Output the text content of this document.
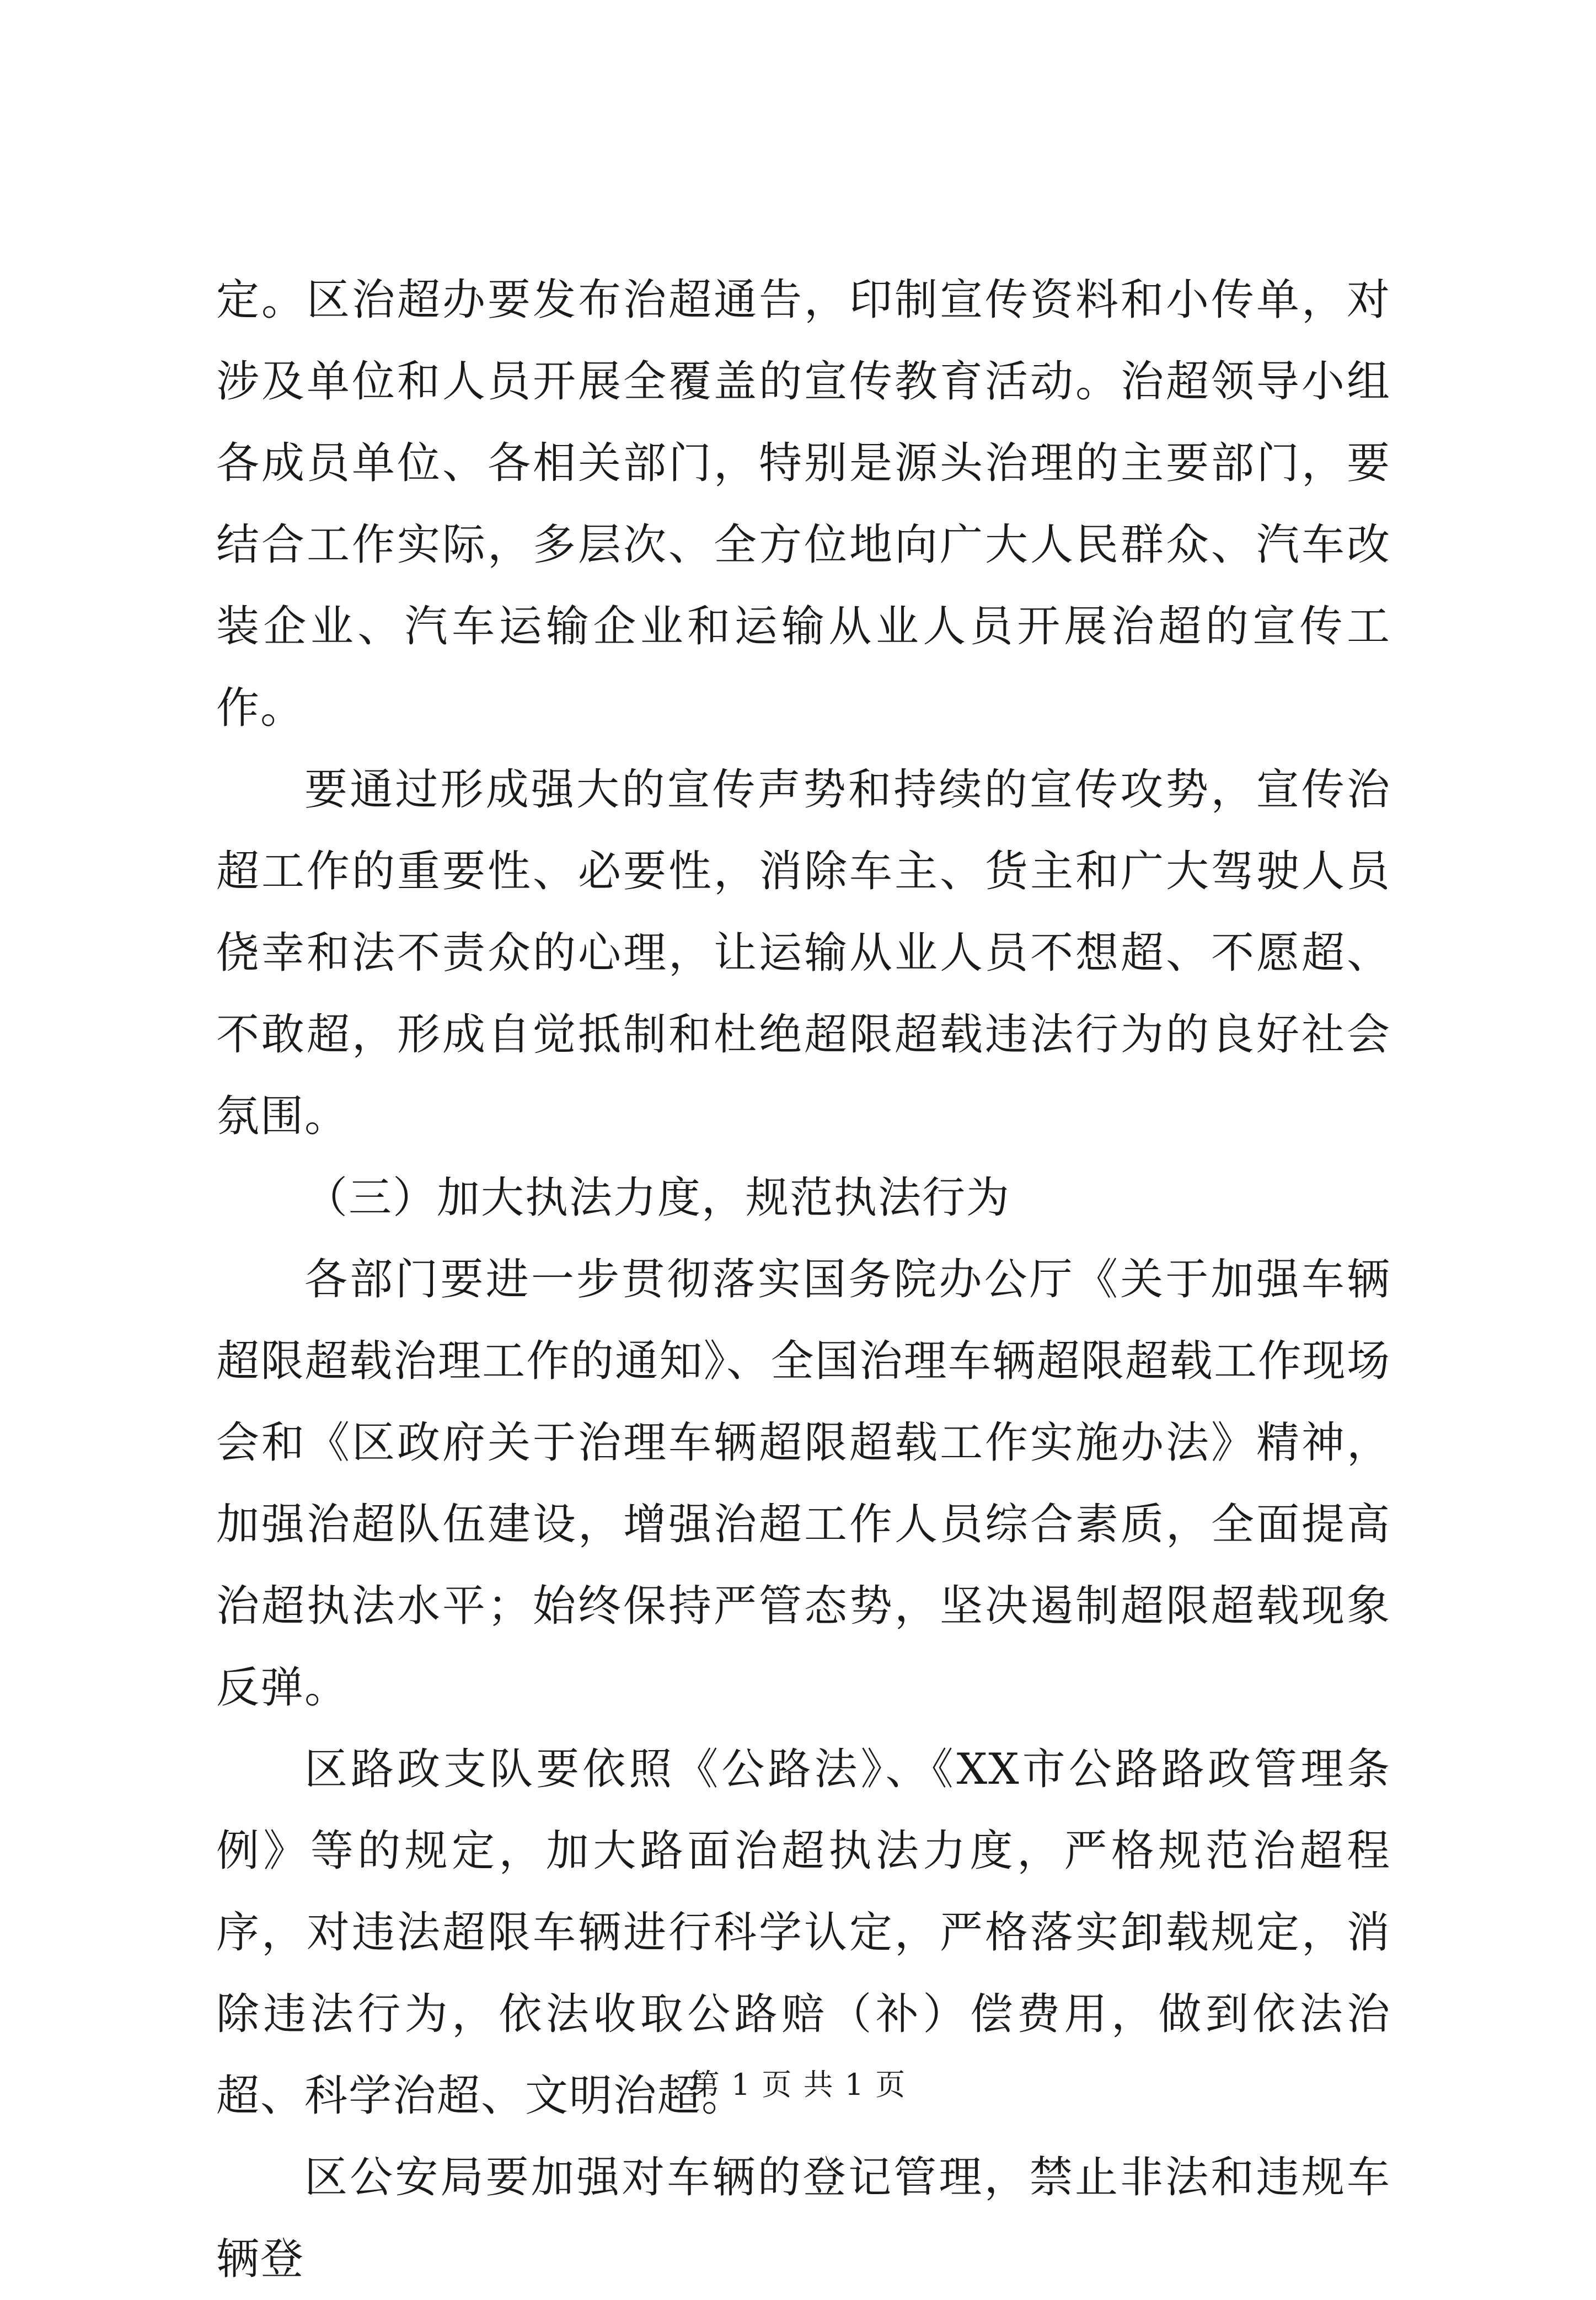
定。区治超办要发布治超通告，印制宣传资料和小传单，对涉及单位和人员开展全覆盖的宣传教育活动。治超领导小组各成员单位、各相关部门，特别是源头治理的主要部门，要结合工作实际，多层次、全方位地向广大人民群众、汽车改装企业、汽车运输企业和运输从业人员开展治超的宣传工作。

要通过形成强大的宣传声势和持续的宣传攻势，宣传治超工作的重要性、必要性，消除车主、货主和广大驾驶人员侥幸和法不责众的心理，让运输从业人员不想超、不愿超、不敢超，形成自觉抵制和杜绝超限超载违法行为的良好社会氛围。

（三）加大执法力度，规范执法行为

各部门要进一步贯彻落实国务院办公厅《关于加强车辆超限超载治理工作的通知》、全国治理车辆超限超载工作现场会和《区政府关于治理车辆超限超载工作实施办法》精神，加强治超队伍建设，增强治超工作人员综合素质，全面提高治超执法水平；始终保持严管态势，坚决遏制超限超载现象反弹。

区路政支队要依照《公路法》、《XX市公路路政管理条例》等的规定，加大路面治超执法力度，严格规范治超程序，对违法超限车辆进行科学认定，严格落实卸载规定，消除违法行为，依法收取公路赔（补）偿费用，做到依法治超、科学治超、文明治超。

区公安局要加强对车辆的登记管理，禁止非法和违规车辆登

第 1 页 共 1 页
